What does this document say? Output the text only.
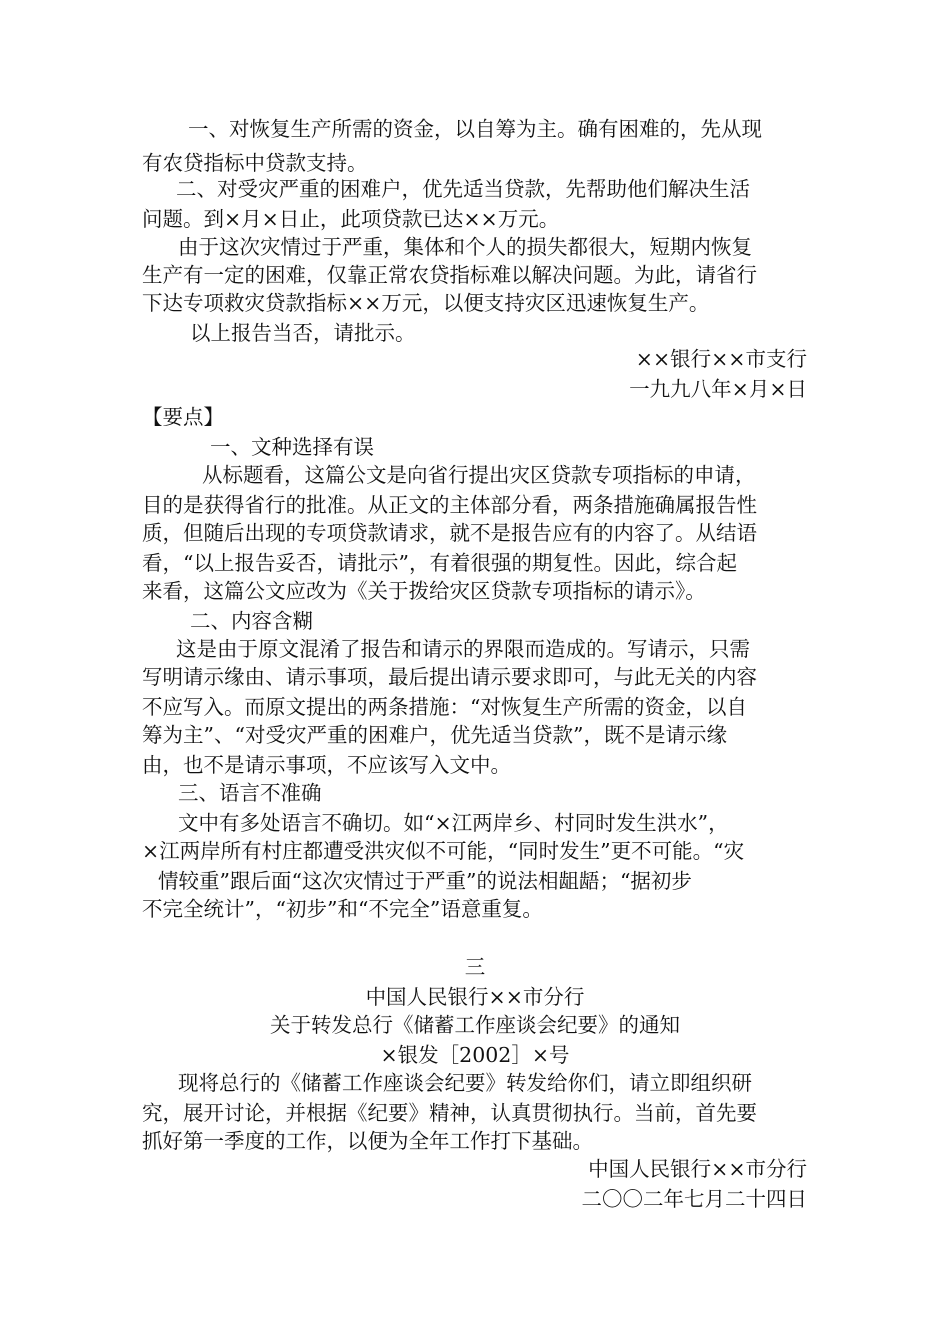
一、对恢复生产所需的资金，以自筹为主。确有困难的，先从现
有农贷指标中贷款支持。
二、对受灾严重的困难户，优先适当贷款，先帮助他们解决生活
问题。到×月×日止，此项贷款已达××万元。
由于这次灾情过于严重，集体和个人的损失都很大，短期内恢复
生产有一定的困难，仅靠正常农贷指标难以解决问题。为此，请省行
下达专项救灾贷款指标××万元，以便支持灾区迅速恢复生产。
以上报告当否，请批示。
××银行××市支行
一九九八年×月×日
【要点】
一、文种选择有误
从标题看，这篇公文是向省行提出灾区贷款专项指标的申请，
目的是获得省行的批准。从正文的主体部分看，两条措施确属报告性
质，但随后出现的专项贷款请求，就不是报告应有的内容了。从结语
看，“以上报告妥否，请批示”，有着很强的期复性。因此，综合起
来看，这篇公文应改为《关于拨给灾区贷款专项指标的请示》。
二、内容含糊
这是由于原文混淆了报告和请示的界限而造成的。写请示，只需
写明请示缘由、请示事项，最后提出请示要求即可，与此无关的内容
不应写入。而原文提出的两条措施：“对恢复生产所需的资金，以自
筹为主”、“对受灾严重的困难户，优先适当贷款”，既不是请示缘
由，也不是请示事项，不应该写入文中。
三、语言不准确
文中有多处语言不确切。如“×江两岸乡、村同时发生洪水”，
×江两岸所有村庄都遭受洪灾似不可能，“同时发生”更不可能。“灾
情较重”跟后面“这次灾情过于严重”的说法相龃龉；“据初步
不完全统计”，“初步”和“不完全”语意重复。
三
中国人民银行××市分行
关于转发总行《储蓄工作座谈会纪要》的通知
×银发［2002］×号
现将总行的《储蓄工作座谈会纪要》转发给你们，请立即组织研
究，展开讨论，并根据《纪要》精神，认真贯彻执行。当前，首先要
抓好第一季度的工作，以便为全年工作打下基础。
中国人民银行××市分行
二〇〇二年七月二十四日
